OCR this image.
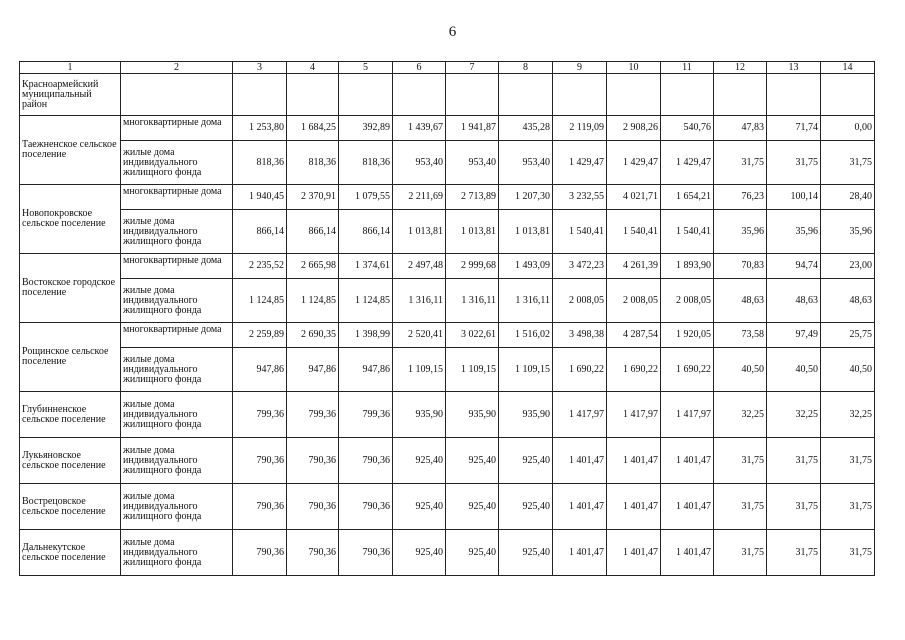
6
1	2	3	4	5	6	7	8	9	10	11	12	13	14
Красноармейский муниципальный район													
Таежненское сельское поселение	многоквартирные дома	1 253,80	1 684,25	392,89	1 439,67	1 941,87	435,28	2 119,09	2 908,26	540,76	47,83	71,74	0,00
	жилые дома индивидуального жилищного фонда	818,36	818,36	818,36	953,40	953,40	953,40	1 429,47	1 429,47	1 429,47	31,75	31,75	31,75
Новопокровское сельское поселение	многоквартирные дома	1 940,45	2 370,91	1 079,55	2 211,69	2 713,89	1 207,30	3 232,55	4 021,71	1 654,21	76,23	100,14	28,40
	жилые дома индивидуального жилищного фонда	866,14	866,14	866,14	1 013,81	1 013,81	1 013,81	1 540,41	1 540,41	1 540,41	35,96	35,96	35,96
Востокское городское поселение	многоквартирные дома	2 235,52	2 665,98	1 374,61	2 497,48	2 999,68	1 493,09	3 472,23	4 261,39	1 893,90	70,83	94,74	23,00
	жилые дома индивидуального жилищного фонда	1 124,85	1 124,85	1 124,85	1 316,11	1 316,11	1 316,11	2 008,05	2 008,05	2 008,05	48,63	48,63	48,63
Рощинское сельское поселение	многоквартирные дома	2 259,89	2 690,35	1 398,99	2 520,41	3 022,61	1 516,02	3 498,38	4 287,54	1 920,05	73,58	97,49	25,75
	жилые дома индивидуального жилищного фонда	947,86	947,86	947,86	1 109,15	1 109,15	1 109,15	1 690,22	1 690,22	1 690,22	40,50	40,50	40,50
Глубинненское сельское поселение	жилые дома индивидуального жилищного фонда	799,36	799,36	799,36	935,90	935,90	935,90	1 417,97	1 417,97	1 417,97	32,25	32,25	32,25
Лукьяновское сельское поселение	жилые дома индивидуального жилищного фонда	790,36	790,36	790,36	925,40	925,40	925,40	1 401,47	1 401,47	1 401,47	31,75	31,75	31,75
Вострецовское сельское поселение	жилые дома индивидуального жилищного фонда	790,36	790,36	790,36	925,40	925,40	925,40	1 401,47	1 401,47	1 401,47	31,75	31,75	31,75
Дальнекутское сельское поселение	жилые дома индивидуального жилищного фонда	790,36	790,36	790,36	925,40	925,40	925,40	1 401,47	1 401,47	1 401,47	31,75	31,75	31,75
